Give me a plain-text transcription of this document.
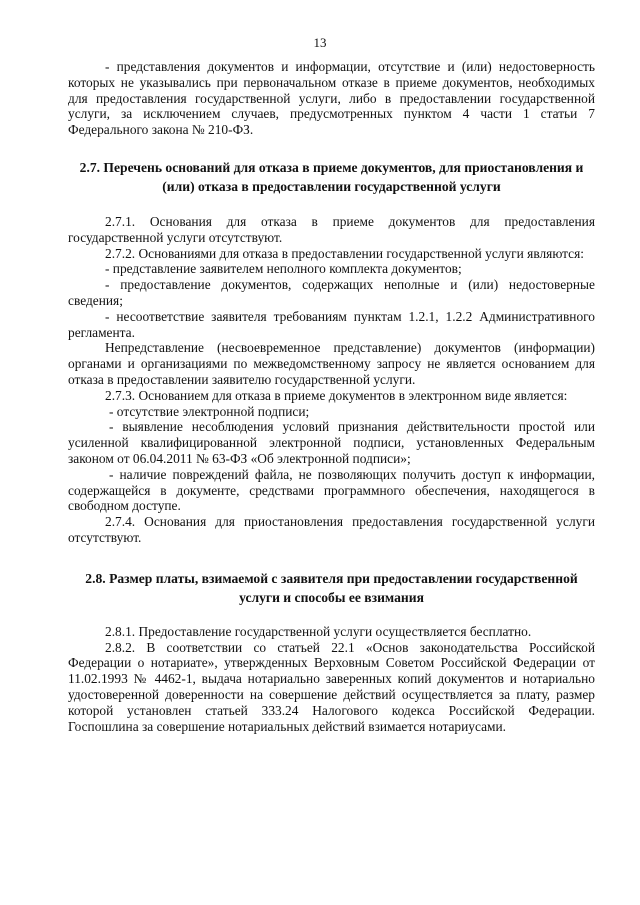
13

- представления документов и информации, отсутствие и (или) недостоверность которых не указывались при первоначальном отказе в приеме документов, необходимых для предоставления государственной услуги, либо в предоставлении государственной услуги, за исключением случаев, предусмотренных пунктом 4 части 1 статьи 7 Федерального закона № 210-ФЗ.

2.7. Перечень оснований для отказа в приеме документов, для приостановления и (или) отказа в предоставлении государственной услуги

2.7.1. Основания для отказа в приеме документов для предоставления государственной услуги отсутствуют.

2.7.2. Основаниями для отказа в предоставлении государственной услуги являются:

- представление заявителем неполного комплекта документов;

- предоставление документов, содержащих неполные и (или) недостоверные сведения;

- несоответствие заявителя требованиям пунктам 1.2.1, 1.2.2 Административного регламента.

Непредставление (несвоевременное представление) документов (информации) органами и организациями по межведомственному запросу не является основанием для отказа в предоставлении заявителю государственной услуги.

2.7.3. Основанием для отказа в приеме документов в электронном виде является:

- отсутствие электронной подписи;

- выявление несоблюдения условий признания действительности простой или усиленной квалифицированной электронной подписи, установленных Федеральным законом от 06.04.2011 № 63-ФЗ «Об электронной подписи»;

- наличие повреждений файла, не позволяющих получить доступ к информации, содержащейся в документе, средствами программного обеспечения, находящегося в свободном доступе.

2.7.4. Основания для приостановления предоставления государственной услуги отсутствуют.

2.8. Размер платы, взимаемой с заявителя при предоставлении государственной услуги и способы ее взимания

2.8.1. Предоставление государственной услуги осуществляется бесплатно.

2.8.2. В соответствии со статьей 22.1 «Основ законодательства Российской Федерации о нотариате», утвержденных Верховным Советом Российской Федерации от 11.02.1993 № 4462-1, выдача нотариально заверенных копий документов и нотариально удостоверенной доверенности на совершение действий осуществляется за плату, размер которой установлен статьей 333.24 Налогового кодекса Российской Федерации. Госпошлина за совершение нотариальных действий взимается нотариусами.
